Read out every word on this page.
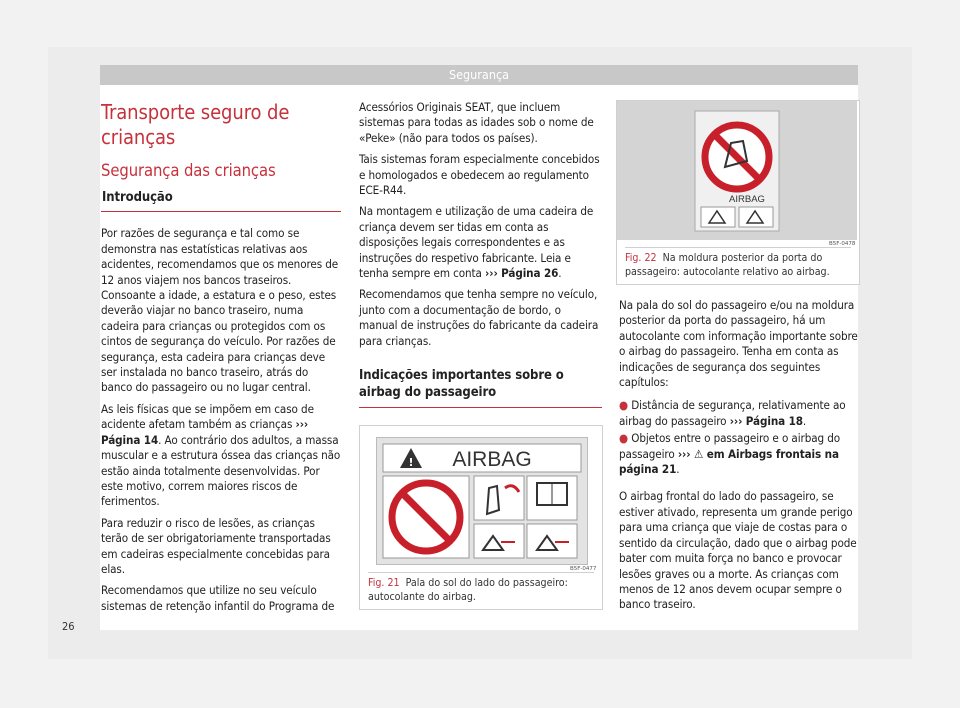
Segurança
Transporte seguro de crianças
Segurança das crianças
Introdução

Por razões de segurança e tal como se demonstra nas estatísticas relativas aos acidentes, recomendamos que os menores de 12 anos viajem nos bancos traseiros. Consoante a idade, a estatura e o peso, estes deverão viajar no banco traseiro, numa cadeira para crianças ou protegidos com os cintos de segurança do veículo. Por razões de segurança, esta cadeira para crianças deve ser instalada no banco traseiro, atrás do banco do passageiro ou no lugar central.

As leis físicas que se impõem em caso de acidente afetam também as crianças ››› Página 14. Ao contrário dos adultos, a massa muscular e a estrutura óssea das crianças não estão ainda totalmente desenvolvidas. Por este motivo, correm maiores riscos de ferimentos.

Para reduzir o risco de lesões, as crianças terão de ser obrigatoriamente transportadas em cadeiras especialmente concebidas para elas.

Recomendamos que utilize no seu veículo sistemas de retenção infantil do Programa de

Acessórios Originais SEAT, que incluem sistemas para todas as idades sob o nome de «Peke» (não para todos os países).

Tais sistemas foram especialmente concebidos e homologados e obedecem ao regulamento ECE-R44.

Na montagem e utilização de uma cadeira de criança devem ser tidas em conta as disposições legais correspondentes e as instruções do respetivo fabricante. Leia e tenha sempre em conta ››› Página 26.

Recomendamos que tenha sempre no veículo, junto com a documentação de bordo, o manual de instruções do fabricante da cadeira para crianças.

Indicações importantes sobre o airbag do passageiro
! AIRBAG
B5F-0477
Fig. 21 Pala do sol do lado do passageiro: autocolante do airbag.
AIRBAG
B5F-0478
Fig. 22 Na moldura posterior da porta do passageiro: autocolante relativo ao airbag.

Na pala do sol do passageiro e/ou na moldura posterior da porta do passageiro, há um autocolante com informação importante sobre o airbag do passageiro. Tenha em conta as indicações de segurança dos seguintes capítulos:

● Distância de segurança, relativamente ao airbag do passageiro ››› Página 18.

● Objetos entre o passageiro e o airbag do passageiro ››› ⚠ em Airbags frontais na página 21.

O airbag frontal do lado do passageiro, se estiver ativado, representa um grande perigo para uma criança que viaje de costas para o sentido da circulação, dado que o airbag pode bater com muita força no banco e provocar lesões graves ou a morte. As crianças com menos de 12 anos devem ocupar sempre o banco traseiro.

26
